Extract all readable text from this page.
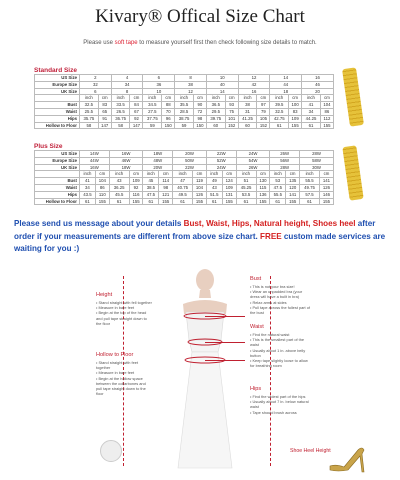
Kivary® Offical Size Chart
Please use soft tape to measure yourself first then check following size details to match.
Standard Size
US Size	2		4		6		8		10		12		14		16	
Europe Size	32		34		36		38		40		42		44		46	
UK Size	6		8		10		12		14		16		18		20	
	inch	cm	inch	cm	inch	cm	inch	cm	inch	cm	inch	cm	inch	cm	inch	cm
Bust	32.5	83	33.5	84	34.5	88	35.5	90	36.5	93	38	97	39.5	100	41	104
Waist	25.5	65	26.5	67	27.5	70	28.5	72	29.5	75	31	79	32.5	83	34	86
Hips	35.75	91	36.75	92	37.75	96	38.75	98	39.75	101	41.25	105	42.75	109	44.25	112
Hollow to Floor	58	147	58	147	59	150	59	150	60	152	60	152	61	155	61	155
Plus Size
US Size	14W		16W		18W		20W		22W		24W		26W		28W	
Europe Size	44W		46W		48W		50W		52W		54W		56W		58W	
UK Size	16W		18W		20W		22W		24W		26W		28W		30W	
	inch	cm	inch	cm	inch	cm	inch	cm	inch	cm	inch	cm	inch	cm	inch	cm
Bust	41	104	43	109	45	114	47	119	49	124	51	130	53	135	55.5	141
Waist	34	86	36.25	92	38.5	98	40.75	104	43	109	45.25	115	47.5	120	49.75	126
Hips	43.5	110	45.5	116	47.5	121	49.5	126	51.5	131	53.5	136	55.5	141	57.5	146
Hollow to Floor	61	155	61	155	61	155	61	155	61	155	61	155	61	155	61	155
Please send us message about your details Bust, Waist, Hips, Natural height, Shoes heel after order if your measurements are different from above size chart. FREE custom made services are waiting for you :)
Height
• Stand straight with fell together
• Measure in bare feet
• Begin at the top of the head and pull tape straight down to the floor
Hollow to Floor
• Stand straight with feet together
• Measure in bare feet
• Begin at the hollow space between the collarbones and pull tape straight down to the floor
Bust
• This is not your bra size!
• Wear an unpadded bra (your dress will have a built in bra)
• Relax arms at sides
• Pull tape across the fullest part of the bust
Waist
• Find the natural waist
• This is the smallest part of the waist
• Usually about 1 in. above belly button
• Keep tape slightly loose to allow for breathing room
Hips
• Find the widest part of the hips
• Usually about 7 in. below natural waist
• Tape should brush across
Shoe Heel Height
